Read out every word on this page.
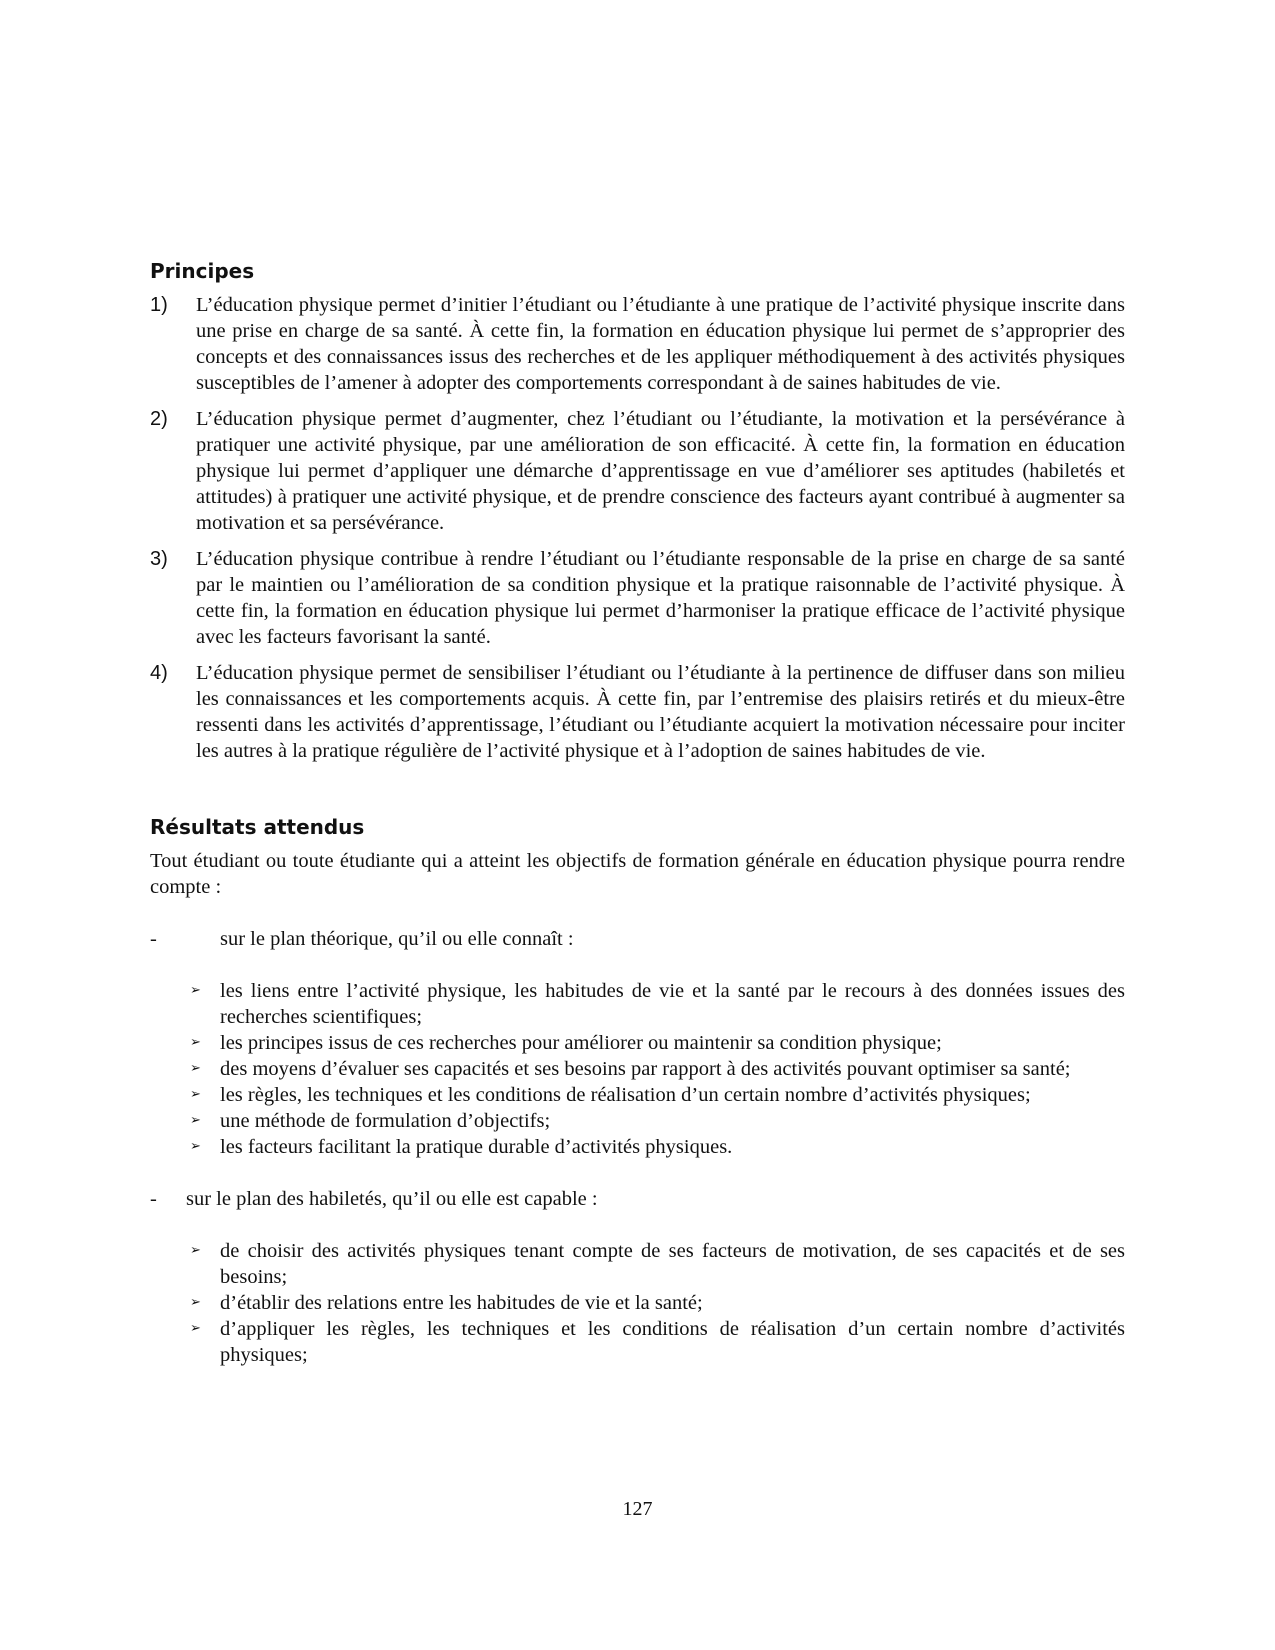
Principes
1)	L’éducation physique permet d’initier l’étudiant ou l’étudiante à une pratique de l’activité physique inscrite dans une prise en charge de sa santé. À cette fin, la formation en éducation physique lui permet de s’approprier des concepts et des connaissances issus des recherches et de les appliquer méthodiquement à des activités physiques susceptibles de l’amener à adopter des comportements correspondant à de saines habitudes de vie.
2)	L’éducation physique permet d’augmenter, chez l’étudiant ou l’étudiante, la motivation et la persévérance à pratiquer une activité physique, par une amélioration de son efficacité. À cette fin, la formation en éducation physique lui permet d’appliquer une démarche d’apprentissage en vue d’améliorer ses aptitudes (habiletés et attitudes) à pratiquer une activité physique, et de prendre conscience des facteurs ayant contribué à augmenter sa motivation et sa persévérance.
3)	L’éducation physique contribue à rendre l’étudiant ou l’étudiante responsable de la prise en charge de sa santé par le maintien ou l’amélioration de sa condition physique et la pratique raisonnable de l’activité physique. À cette fin, la formation en éducation physique lui permet d’harmoniser la pratique efficace de l’activité physique avec les facteurs favorisant la santé.
4)	L’éducation physique permet de sensibiliser l’étudiant ou l’étudiante à la pertinence de diffuser dans son milieu les connaissances et les comportements acquis. À cette fin, par l’entremise des plaisirs retirés et du mieux-être ressenti dans les activités d’apprentissage, l’étudiant ou l’étudiante acquiert la motivation nécessaire pour inciter les autres à la pratique régulière de l’activité physique et à l’adoption de saines habitudes de vie.
Résultats attendus
Tout étudiant ou toute étudiante qui a atteint les objectifs de formation générale en éducation physique pourra rendre compte :
-	sur le plan théorique, qu’il ou elle connaît :
➢ les liens entre l’activité physique, les habitudes de vie et la santé par le recours à des données issues des recherches scientifiques;
➢ les principes issus de ces recherches pour améliorer ou maintenir sa condition physique;
➢ des moyens d’évaluer ses capacités et ses besoins par rapport à des activités pouvant optimiser sa santé;
➢ les règles, les techniques et les conditions de réalisation d’un certain nombre d’activités physiques;
➢ une méthode de formulation d’objectifs;
➢ les facteurs facilitant la pratique durable d’activités physiques.
-	sur le plan des habiletés, qu’il ou elle est capable :
➢ de choisir des activités physiques tenant compte de ses facteurs de motivation, de ses capacités et de ses besoins;
➢ d’établir des relations entre les habitudes de vie et la santé;
➢ d’appliquer les règles, les techniques et les conditions de réalisation d’un certain nombre d’activités physiques;
127
